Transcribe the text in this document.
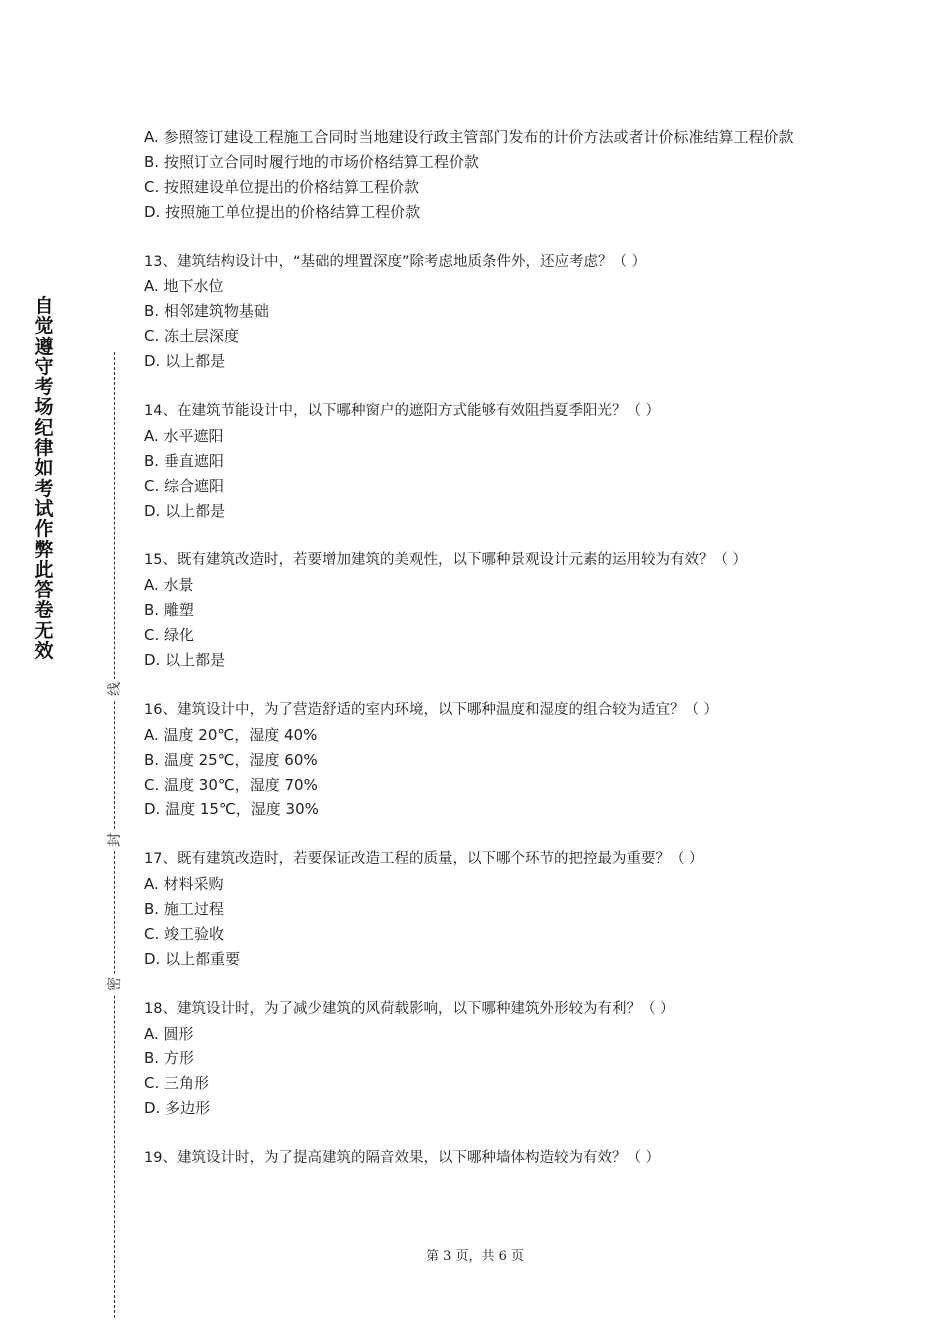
自觉遵守考场纪律如考试作弊此答卷无效
线
封
密
A. 参照签订建设工程施工合同时当地建设行政主管部门发布的计价方法或者计价标准结算工程价款
B. 按照订立合同时履行地的市场价格结算工程价款
C. 按照建设单位提出的价格结算工程价款
D. 按照施工单位提出的价格结算工程价款
13、建筑结构设计中，“基础的埋置深度”除考虑地质条件外，还应考虑？（ ）
A. 地下水位
B. 相邻建筑物基础
C. 冻土层深度
D. 以上都是
14、在建筑节能设计中，以下哪种窗户的遮阳方式能够有效阻挡夏季阳光？（ ）
A. 水平遮阳
B. 垂直遮阳
C. 综合遮阳
D. 以上都是
15、既有建筑改造时，若要增加建筑的美观性，以下哪种景观设计元素的运用较为有效？（ ）
A. 水景
B. 雕塑
C. 绿化
D. 以上都是
16、建筑设计中，为了营造舒适的室内环境，以下哪种温度和湿度的组合较为适宜？（ ）
A. 温度 20℃，湿度 40%
B. 温度 25℃，湿度 60%
C. 温度 30℃，湿度 70%
D. 温度 15℃，湿度 30%
17、既有建筑改造时，若要保证改造工程的质量，以下哪个环节的把控最为重要？（ ）
A. 材料采购
B. 施工过程
C. 竣工验收
D. 以上都重要
18、建筑设计时，为了减少建筑的风荷载影响，以下哪种建筑外形较为有利？（ ）
A. 圆形
B. 方形
C. 三角形
D. 多边形
19、建筑设计时，为了提高建筑的隔音效果，以下哪种墙体构造较为有效？（ ）
第 3 页，共 6 页
